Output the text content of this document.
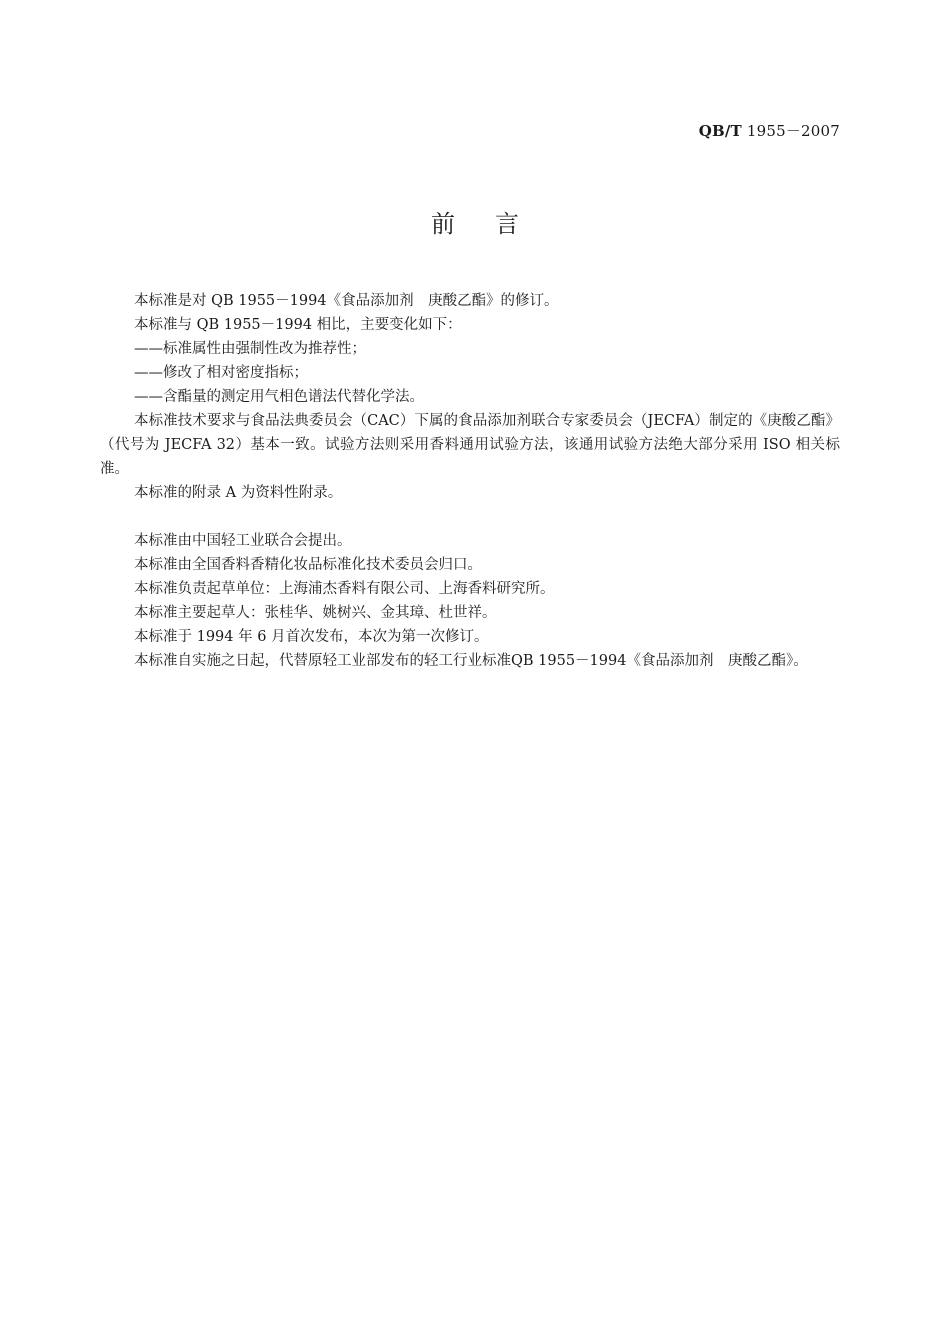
QB/T 1955－2007
前言

本标准是对 QB 1955－1994《食品添加剂　庚酸乙酯》的修订。

本标准与 QB 1955－1994 相比，主要变化如下：

——标准属性由强制性改为推荐性；

——修改了相对密度指标；

——含酯量的测定用气相色谱法代替化学法。

本标准技术要求与食品法典委员会（CAC）下属的食品添加剂联合专家委员会（JECFA）制定的《庚酸乙酯》（代号为 JECFA 32）基本一致。试验方法则采用香料通用试验方法，该通用试验方法绝大部分采用 ISO 相关标准。

本标准的附录 A 为资料性附录。

本标准由中国轻工业联合会提出。

本标准由全国香料香精化妆品标准化技术委员会归口。

本标准负责起草单位：上海浦杰香料有限公司、上海香料研究所。

本标准主要起草人：张桂华、姚树兴、金其璋、杜世祥。

本标准于 1994 年 6 月首次发布，本次为第一次修订。

本标准自实施之日起，代替原轻工业部发布的轻工行业标准QB 1955－1994《食品添加剂　庚酸乙酯》。
